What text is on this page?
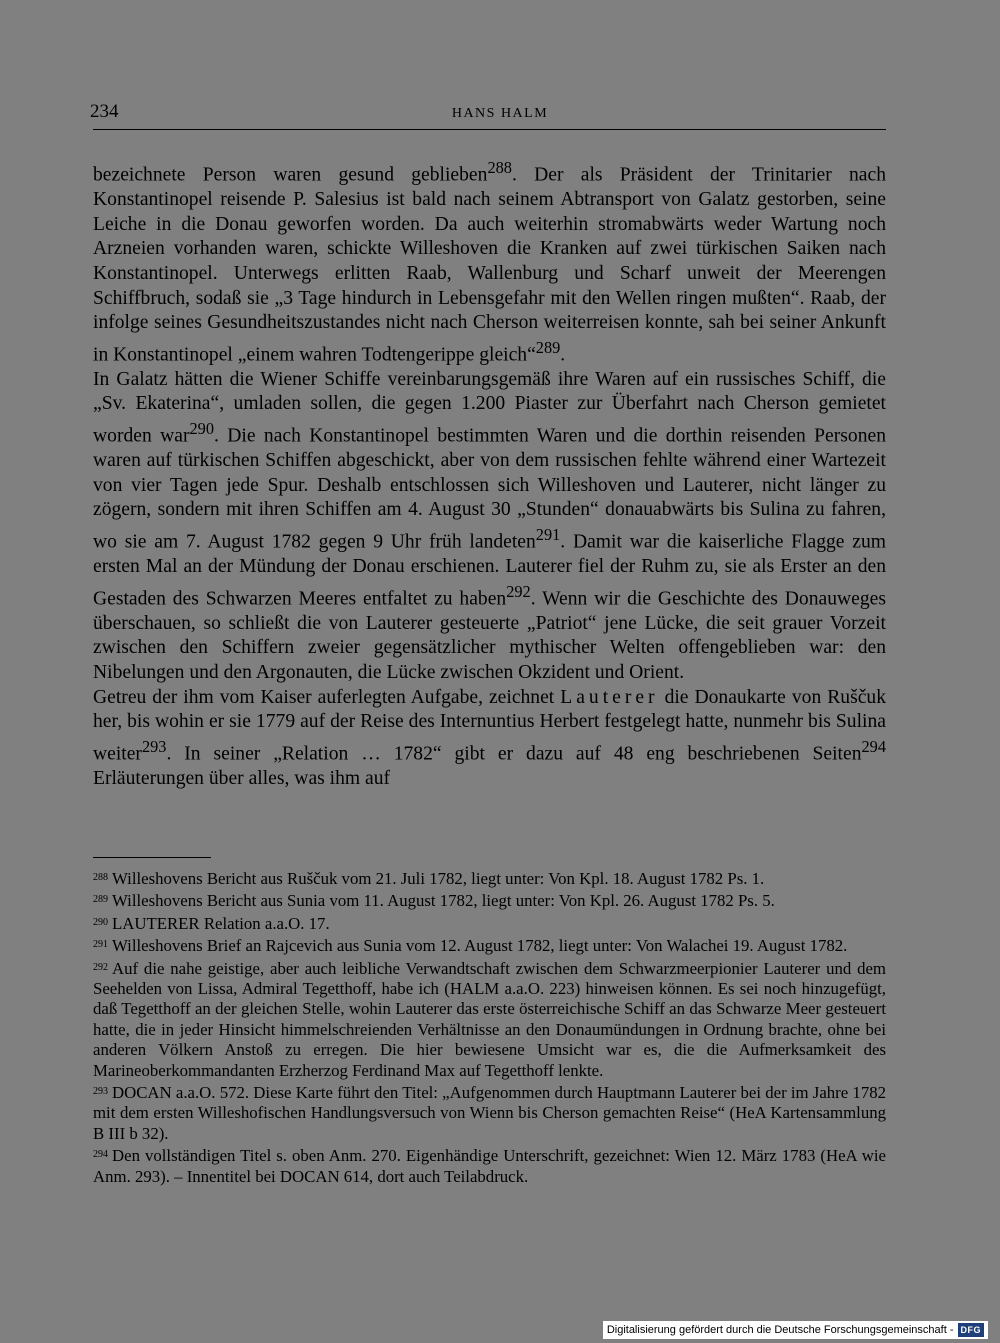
234	HANS HALM

bezeichnete Person waren gesund geblieben$^{288}$. Der als Präsident der Trinitarier nach Konstantinopel reisende P. Salesius ist bald nach seinem Abtransport von Galatz gestorben, seine Leiche in die Donau geworfen worden. Da auch weiterhin stromabwärts weder Wartung noch Arzneien vorhanden waren, schickte Willeshoven die Kranken auf zwei türkischen Saiken nach Konstantinopel. Unterwegs erlitten Raab, Wallenburg und Scharf unweit der Meerengen Schiffbruch, sodaß sie „3 Tage hindurch in Lebensgefahr mit den Wellen ringen mußten“. Raab, der infolge seines Gesundheitszustandes nicht nach Cherson weiterreisen konnte, sah bei seiner Ankunft in Konstantinopel „einem wahren Todtengerippe gleich“$^{289}$.

In Galatz hätten die Wiener Schiffe vereinbarungsgemäß ihre Waren auf ein russisches Schiff, die „Sv. Ekaterina“, umladen sollen, die gegen 1.200 Piaster zur Überfahrt nach Cherson gemietet worden war$^{290}$. Die nach Konstantinopel bestimmten Waren und die dorthin reisenden Personen waren auf türkischen Schiffen abgeschickt, aber von dem russischen fehlte während einer Wartezeit von vier Tagen jede Spur. Deshalb entschlossen sich Willeshoven und Lauterer, nicht länger zu zögern, sondern mit ihren Schiffen am 4. August 30 „Stunden“ donauabwärts bis Sulina zu fahren, wo sie am 7. August 1782 gegen 9 Uhr früh landeten$^{291}$. Damit war die kaiserliche Flagge zum ersten Mal an der Mündung der Donau erschienen. Lauterer fiel der Ruhm zu, sie als Erster an den Gestaden des Schwarzen Meeres entfaltet zu haben$^{292}$. Wenn wir die Geschichte des Donauweges überschauen, so schließt die von Lauterer gesteuerte „Patriot“ jene Lücke, die seit grauer Vorzeit zwischen den Schiffern zweier gegensätzlicher mythischer Welten offengeblieben war: den Nibelungen und den Argonauten, die Lücke zwischen Okzident und Orient.

Getreu der ihm vom Kaiser auferlegten Aufgabe, zeichnet Lauterer die Donaukarte von Ruščuk her, bis wohin er sie 1779 auf der Reise des Internuntius Herbert festgelegt hatte, nunmehr bis Sulina weiter$^{293}$. In seiner „Relation … 1782“ gibt er dazu auf 48 eng beschriebenen Seiten$^{294}$ Erläuterungen über alles, was ihm auf

$^{288}$ Willeshovens Bericht aus Ruščuk vom 21. Juli 1782, liegt unter: Von Kpl. 18. August 1782 Ps. 1.

$^{289}$ Willeshovens Bericht aus Sunia vom 11. August 1782, liegt unter: Von Kpl. 26. August 1782 Ps. 5.

$^{290}$ LAUTERER Relation a.a.O. 17.

$^{291}$ Willeshovens Brief an Rajcevich aus Sunia vom 12. August 1782, liegt unter: Von Walachei 19. August 1782.

$^{292}$ Auf die nahe geistige, aber auch leibliche Verwandtschaft zwischen dem Schwarzmeerpionier Lauterer und dem Seehelden von Lissa, Admiral Tegetthoff, habe ich (HALM a.a.O. 223) hinweisen können. Es sei noch hinzugefügt, daß Tegetthoff an der gleichen Stelle, wohin Lauterer das erste österreichische Schiff an das Schwarze Meer gesteuert hatte, die in jeder Hinsicht himmelschreienden Verhältnisse an den Donaumündungen in Ordnung brachte, ohne bei anderen Völkern Anstoß zu erregen. Die hier bewiesene Umsicht war es, die die Aufmerksamkeit des Marineoberkommandanten Erzherzog Ferdinand Max auf Tegetthoff lenkte.

$^{293}$ DOCAN a.a.O. 572. Diese Karte führt den Titel: „Aufgenommen durch Hauptmann Lauterer bei der im Jahre 1782 mit dem ersten Willeshofischen Handlungsversuch von Wienn bis Cherson gemachten Reise“ (HeA Kartensammlung B III b 32).

$^{294}$ Den vollständigen Titel s. oben Anm. 270. Eigenhändige Unterschrift, gezeichnet: Wien 12. März 1783 (HeA wie Anm. 293). – Innentitel bei DOCAN 614, dort auch Teilabdruck.

Digitalisierung gefördert durch die Deutsche Forschungsgemeinschaft - DFG
